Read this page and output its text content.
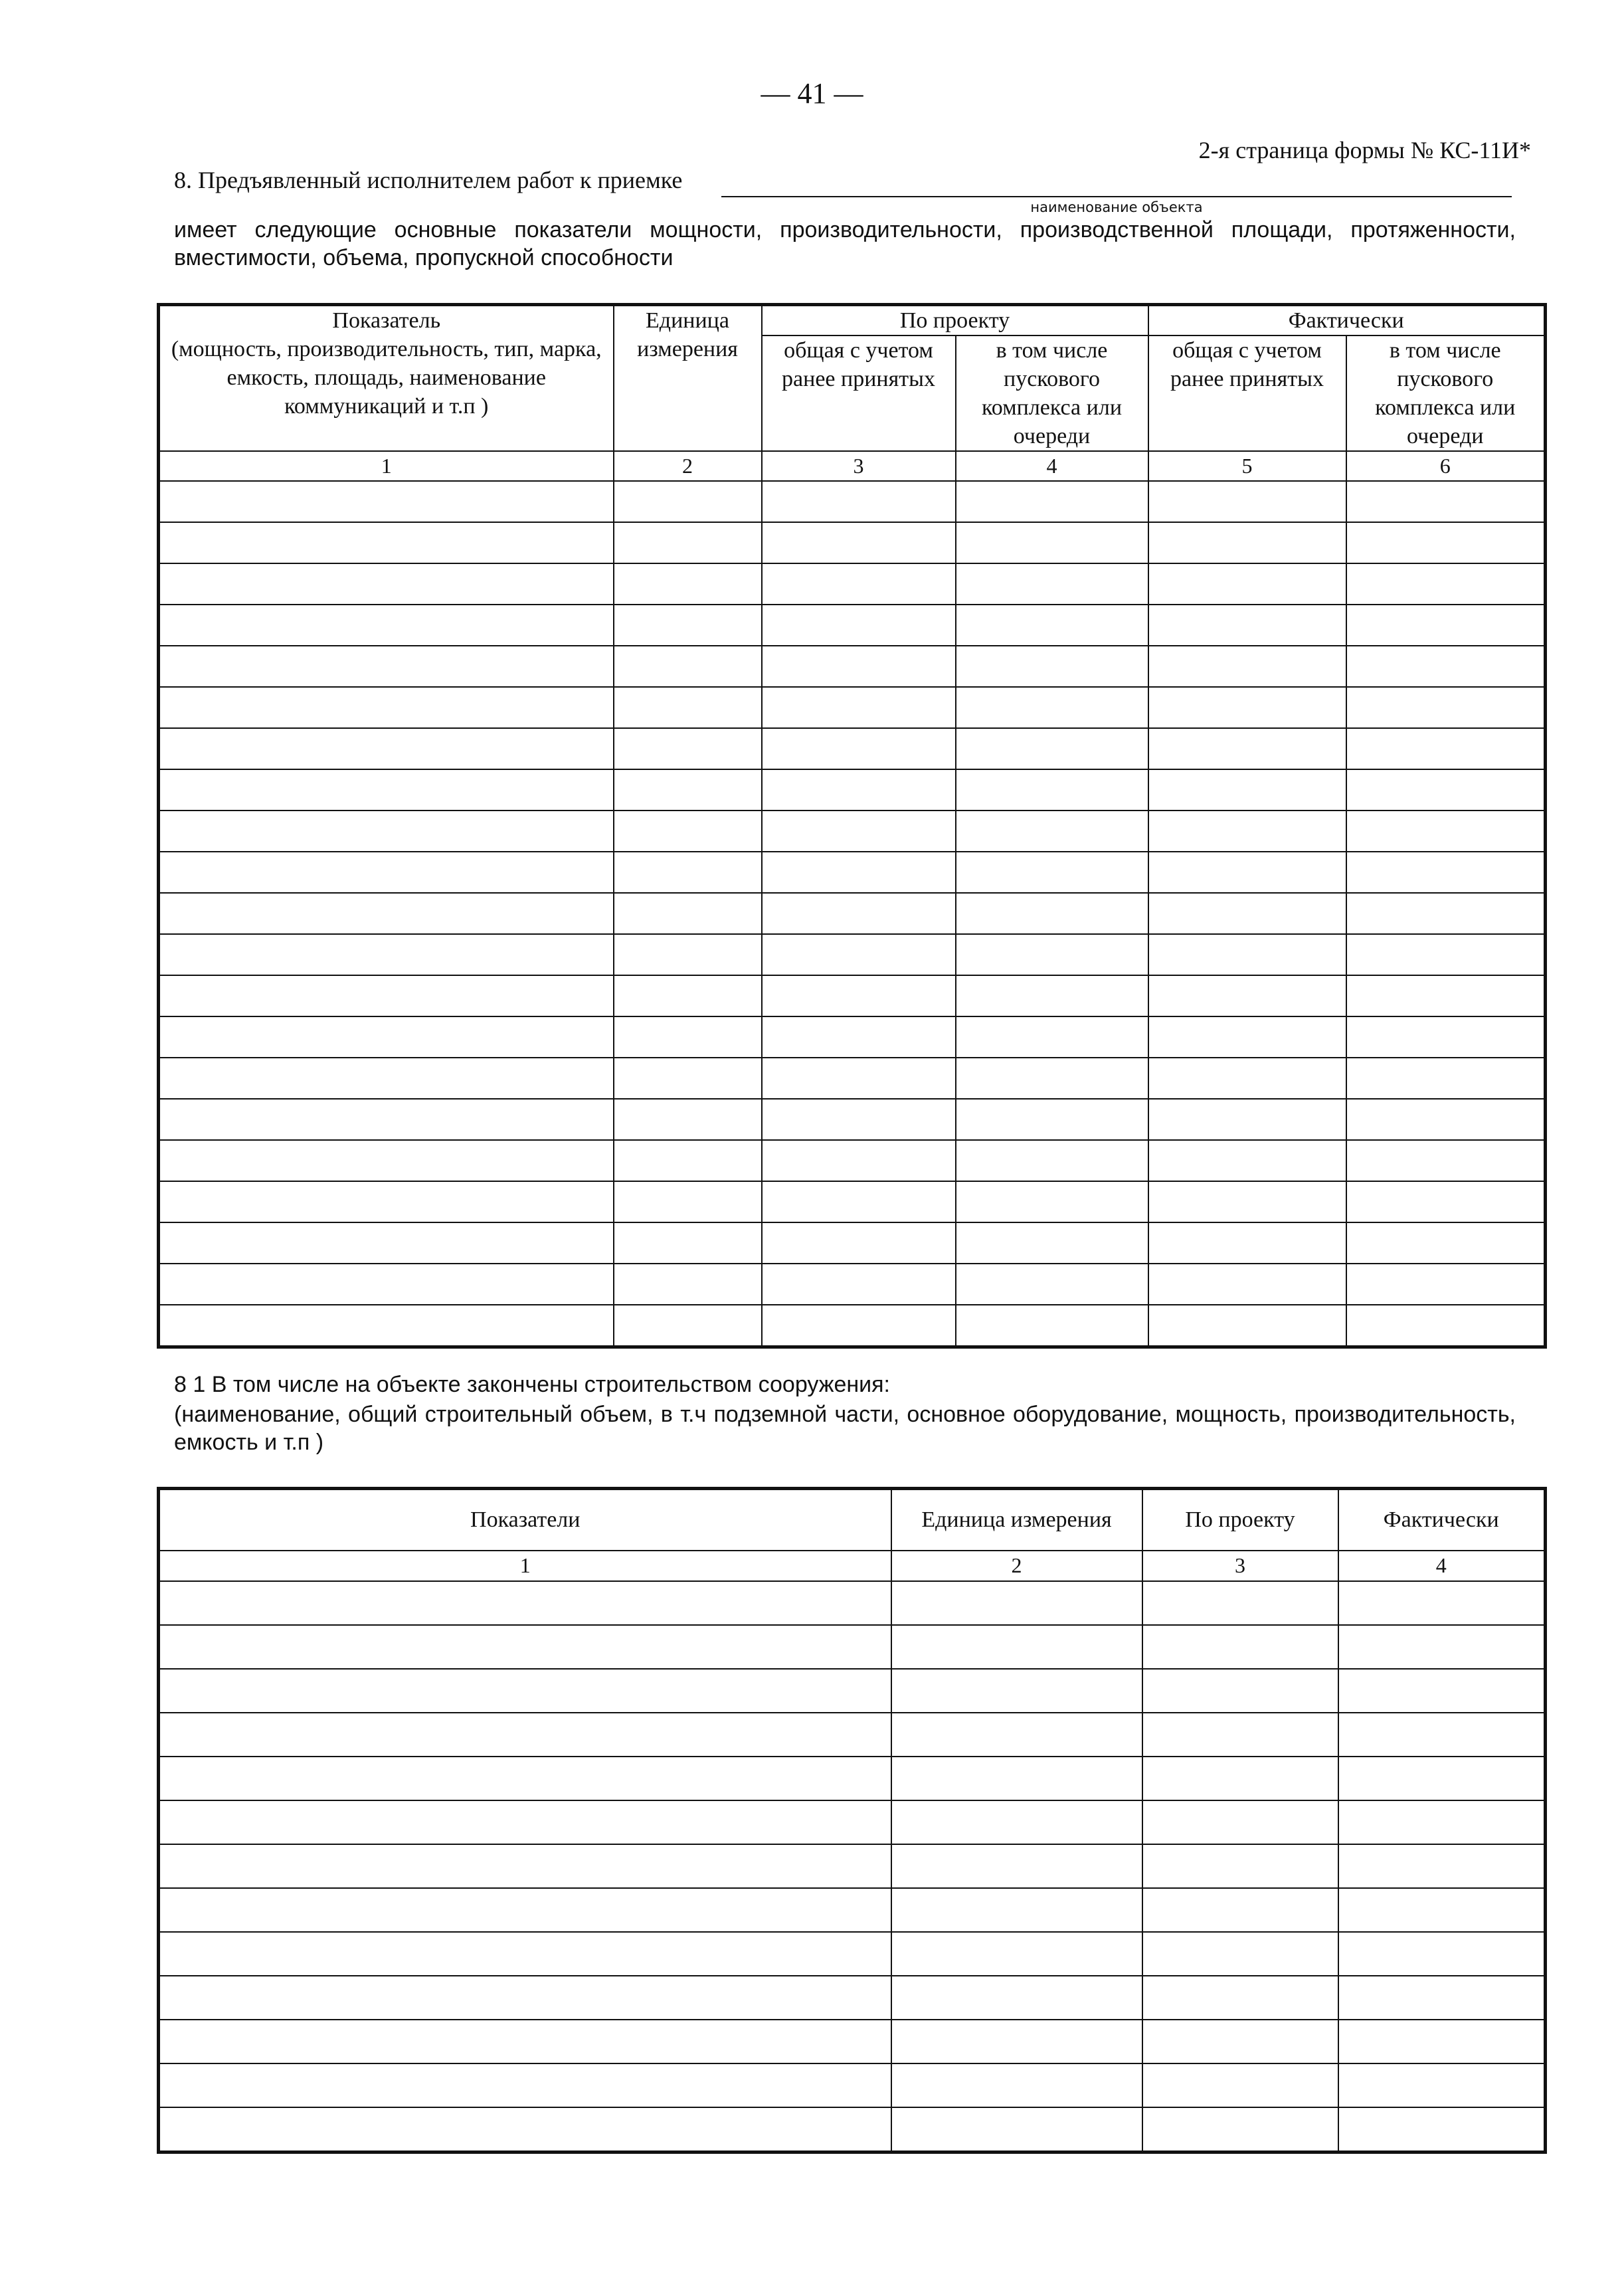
— 41 —
2-я страница формы № КС-11И*
8. Предъявленный исполнителем работ к приемке
наименование объекта
имеет следующие основные показатели мощности, производительности, производственной площади, протяженности, вместимости, объема, пропускной способности
Показатель
(мощность, производительность, тип, марка, емкость, площадь, наименование коммуникаций и т.п )	Единица измерения	По проекту		Фактически	
		общая с учетом ранее принятых	в том числе пускового комплекса или очереди	общая с учетом ранее принятых	в том числе пускового комплекса или очереди
1	2	3	4	5	6

8 1 В том числе на объекте закончены строительством сооружения:
(наименование, общий строительный объем, в т.ч подземной части, основное оборудование, мощность, производительность, емкость и т.п )
Показатели	Единица измерения	По проекту	Фактически
1	2	3	4
